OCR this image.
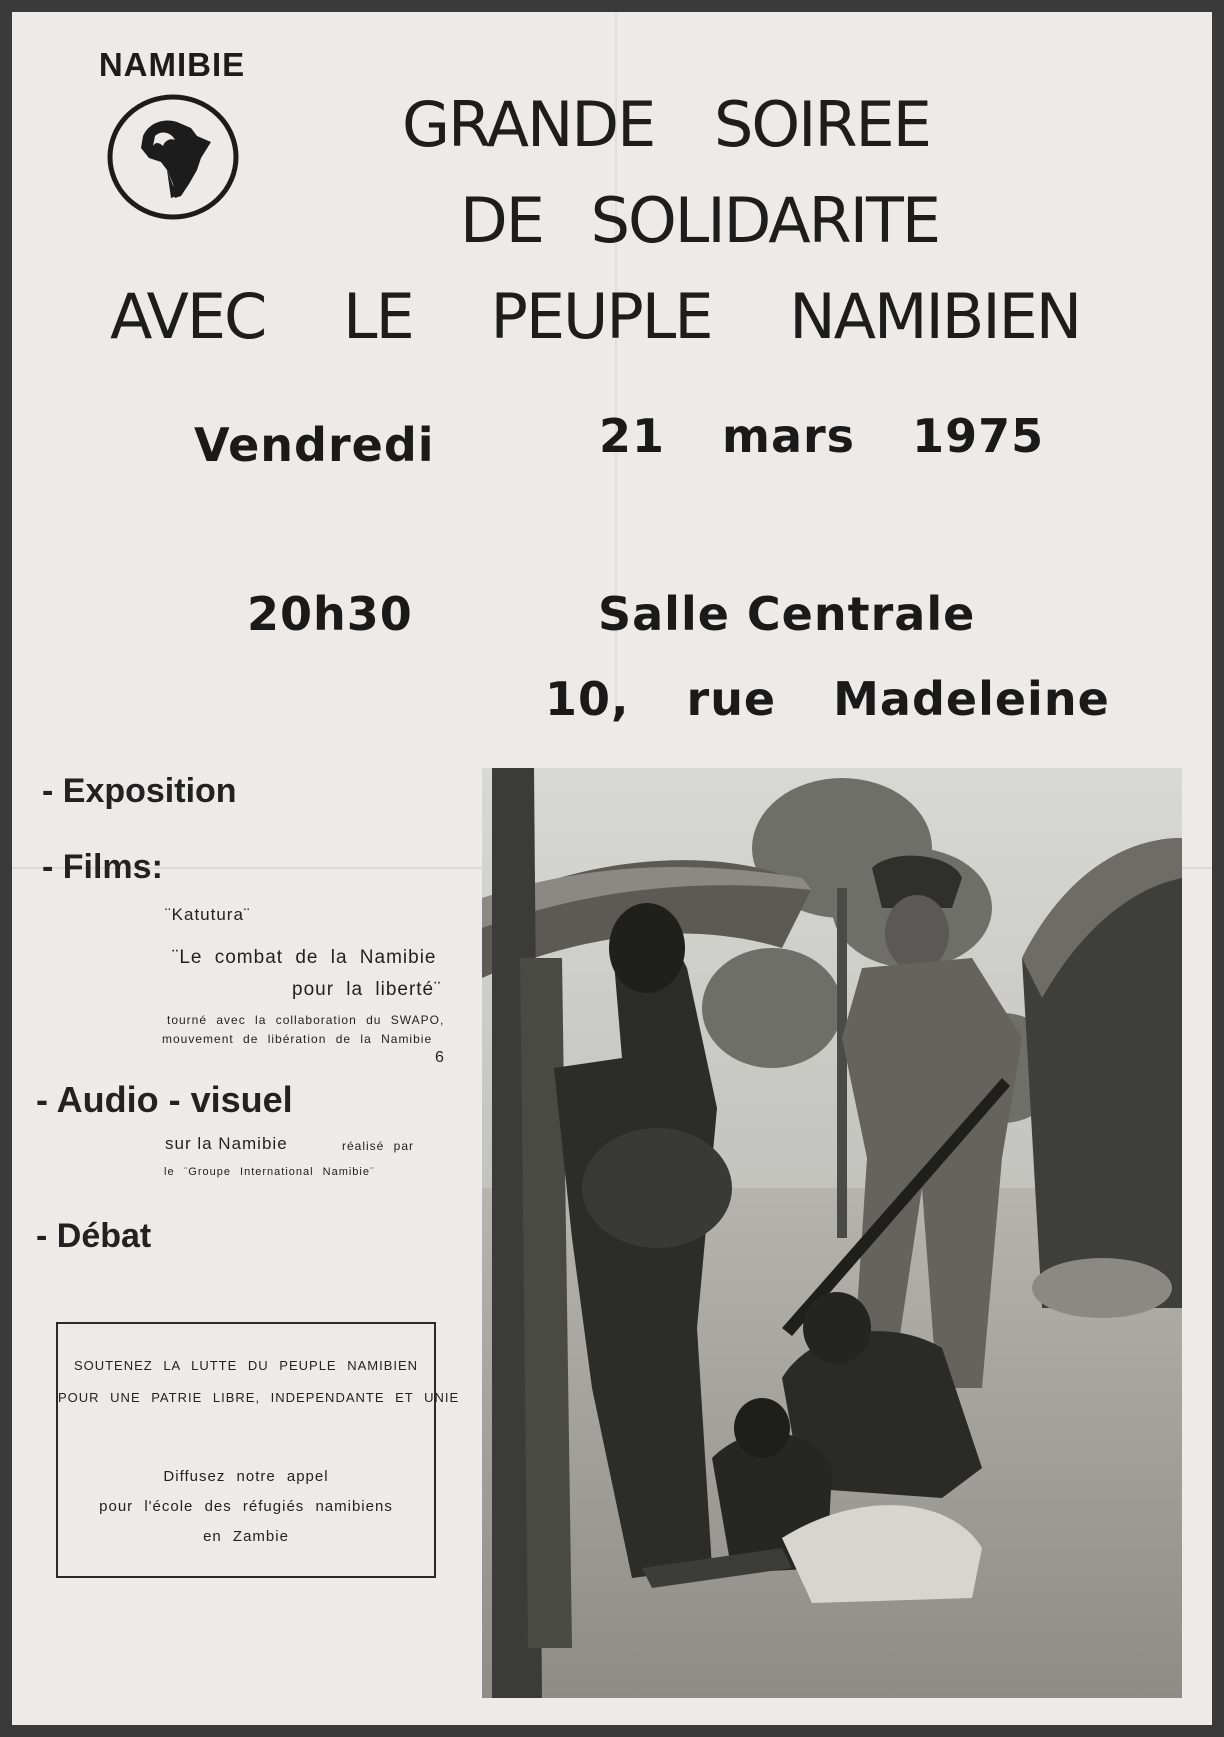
NAMIBIE
GRANDE SOIREE
DE SOLIDARITE
AVEC LE PEUPLE NAMIBIEN
Vendredi	21 mars 1975
20h30	Salle Centrale
10, rue Madeleine
- Exposition
- Films:
¨Katutura¨
¨Le combat de la Namibie
pour la liberté¨
tourné avec la collaboration du SWAPO,
mouvement de libération de la Namibie
6
- Audio - visuel
sur la Namibie	réalisé par
le ¨Groupe International Namibie¨
- Débat
SOUTENEZ LA LUTTE DU PEUPLE NAMIBIEN
POUR UNE PATRIE LIBRE, INDEPENDANTE ET UNIE
Diffusez notre appel
pour l'école des réfugiés namibiens
en Zambie
